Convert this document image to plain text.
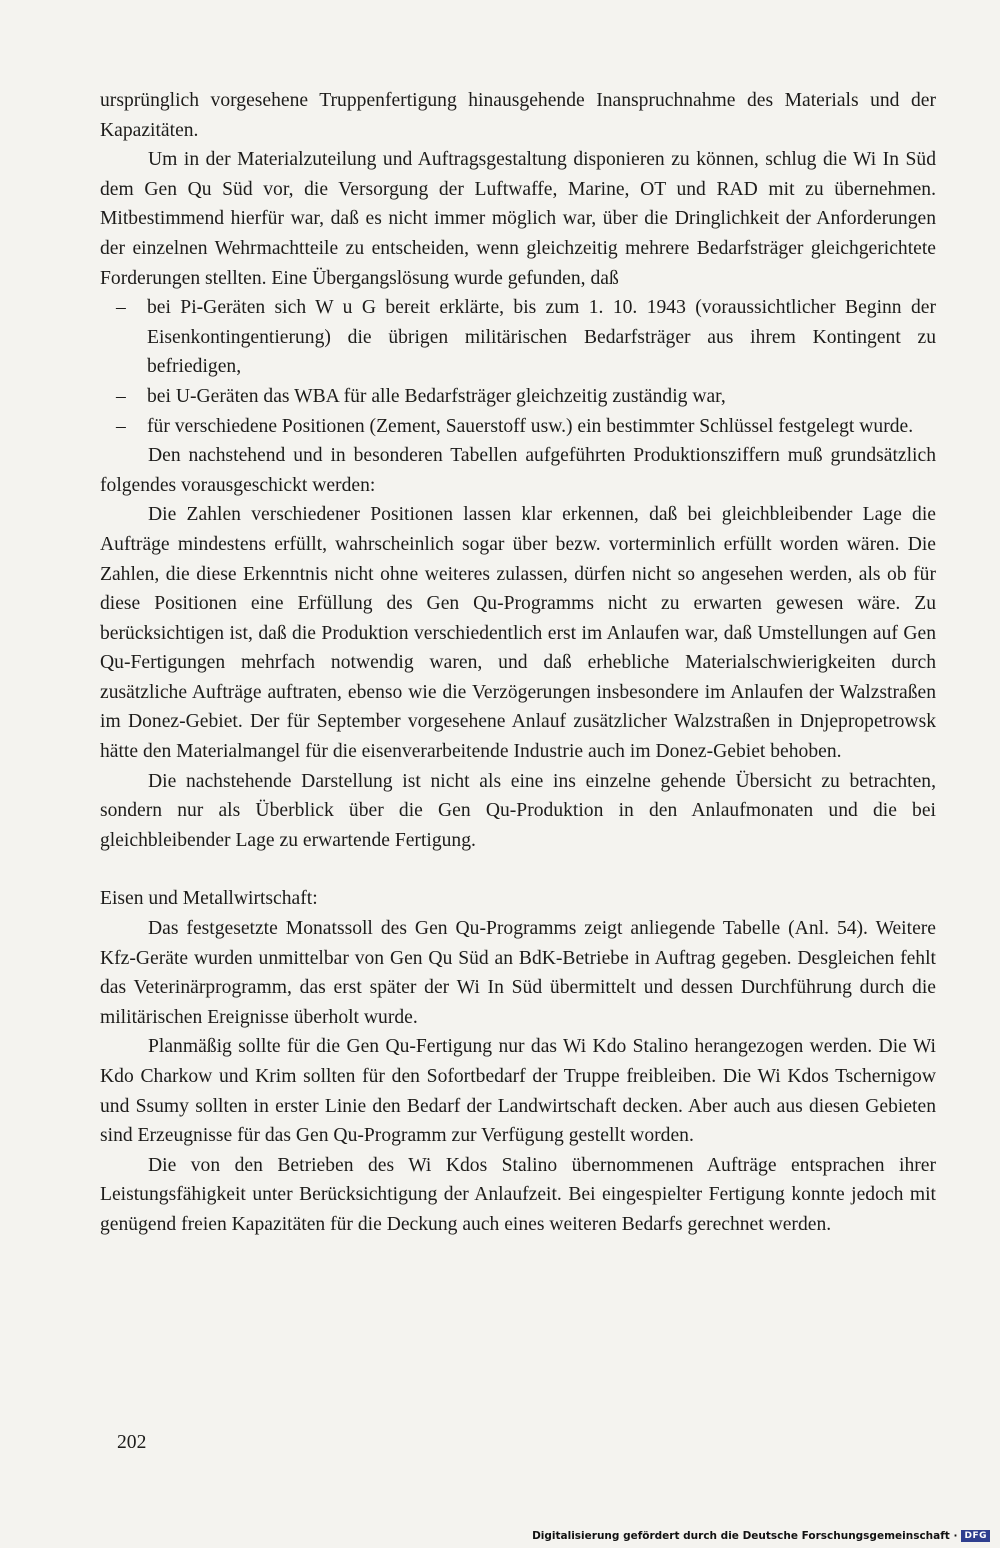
ursprünglich vorgesehene Truppenfertigung hinausgehende Inanspruchnahme des Materials und der Kapazitäten.

Um in der Materialzuteilung und Auftragsgestaltung disponieren zu können, schlug die Wi In Süd dem Gen Qu Süd vor, die Versorgung der Luftwaffe, Marine, OT und RAD mit zu übernehmen. Mitbestimmend hierfür war, daß es nicht immer möglich war, über die Dringlichkeit der Anforderungen der einzelnen Wehrmachtteile zu entscheiden, wenn gleichzeitig mehrere Bedarfsträger gleichgerichtete Forderungen stellten. Eine Übergangslösung wurde gefunden, daß

– bei Pi-Geräten sich W u G bereit erklärte, bis zum 1. 10. 1943 (voraussichtlicher Beginn der Eisenkontingentierung) die übrigen militärischen Bedarfsträger aus ihrem Kontingent zu befriedigen,
– bei U-Geräten das WBA für alle Bedarfsträger gleichzeitig zuständig war,
– für verschiedene Positionen (Zement, Sauerstoff usw.) ein bestimmter Schlüssel festgelegt wurde.

Den nachstehend und in besonderen Tabellen aufgeführten Produktionsziffern muß grundsätzlich folgendes vorausgeschickt werden:

Die Zahlen verschiedener Positionen lassen klar erkennen, daß bei gleichbleibender Lage die Aufträge mindestens erfüllt, wahrscheinlich sogar über bezw. vorterminlich erfüllt worden wären. Die Zahlen, die diese Erkenntnis nicht ohne weiteres zulassen, dürfen nicht so angesehen werden, als ob für diese Positionen eine Erfüllung des Gen Qu-Programms nicht zu erwarten gewesen wäre. Zu berücksichtigen ist, daß die Produktion verschiedentlich erst im Anlaufen war, daß Umstellungen auf Gen Qu-Fertigungen mehrfach notwendig waren, und daß erhebliche Materialschwierigkeiten durch zusätzliche Aufträge auftraten, ebenso wie die Verzögerungen insbesondere im Anlaufen der Walzstraßen im Donez-Gebiet. Der für September vorgesehene Anlauf zusätzlicher Walzstraßen in Dnjepropetrowsk hätte den Materialmangel für die eisenverarbeitende Industrie auch im Donez-Gebiet behoben.

Die nachstehende Darstellung ist nicht als eine ins einzelne gehende Übersicht zu betrachten, sondern nur als Überblick über die Gen Qu-Produktion in den Anlaufmonaten und die bei gleichbleibender Lage zu erwartende Fertigung.

Eisen und Metallwirtschaft:

Das festgesetzte Monatssoll des Gen Qu-Programms zeigt anliegende Tabelle (Anl. 54). Weitere Kfz-Geräte wurden unmittelbar von Gen Qu Süd an BdK-Betriebe in Auftrag gegeben. Desgleichen fehlt das Veterinärprogramm, das erst später der Wi In Süd übermittelt und dessen Durchführung durch die militärischen Ereignisse überholt wurde.

Planmäßig sollte für die Gen Qu-Fertigung nur das Wi Kdo Stalino herangezogen werden. Die Wi Kdo Charkow und Krim sollten für den Sofortbedarf der Truppe freibleiben. Die Wi Kdos Tschernigow und Ssumy sollten in erster Linie den Bedarf der Landwirtschaft decken. Aber auch aus diesen Gebieten sind Erzeugnisse für das Gen Qu-Programm zur Verfügung gestellt worden.

Die von den Betrieben des Wi Kdos Stalino übernommenen Aufträge entsprachen ihrer Leistungsfähigkeit unter Berücksichtigung der Anlaufzeit. Bei eingespielter Fertigung konnte jedoch mit genügend freien Kapazitäten für die Deckung auch eines weiteren Bedarfs gerechnet werden.

202
Digitalisierung gefördert durch die Deutsche Forschungsgemeinschaft · DFG
